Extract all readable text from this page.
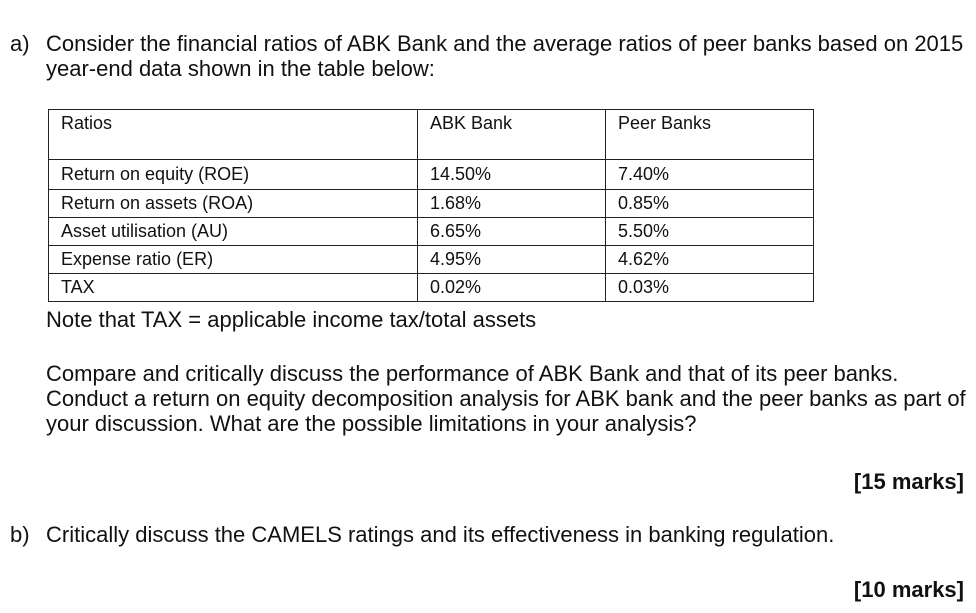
a) Consider the financial ratios of ABK Bank and the average ratios of peer banks based on 2015 year-end data shown in the table below:
Ratios	ABK Bank	Peer Banks
Return on equity (ROE)	14.50%	7.40%
Return on assets (ROA)	1.68%	0.85%
Asset utilisation (AU)	6.65%	5.50%
Expense ratio (ER)	4.95%	4.62%
TAX	0.02%	0.03%
Note that TAX = applicable income tax/total assets
Compare and critically discuss the performance of ABK Bank and that of its peer banks. Conduct a return on equity decomposition analysis for ABK bank and the peer banks as part of your discussion. What are the possible limitations in your analysis?
[15 marks]
b) Critically discuss the CAMELS ratings and its effectiveness in banking regulation.
[10 marks]
